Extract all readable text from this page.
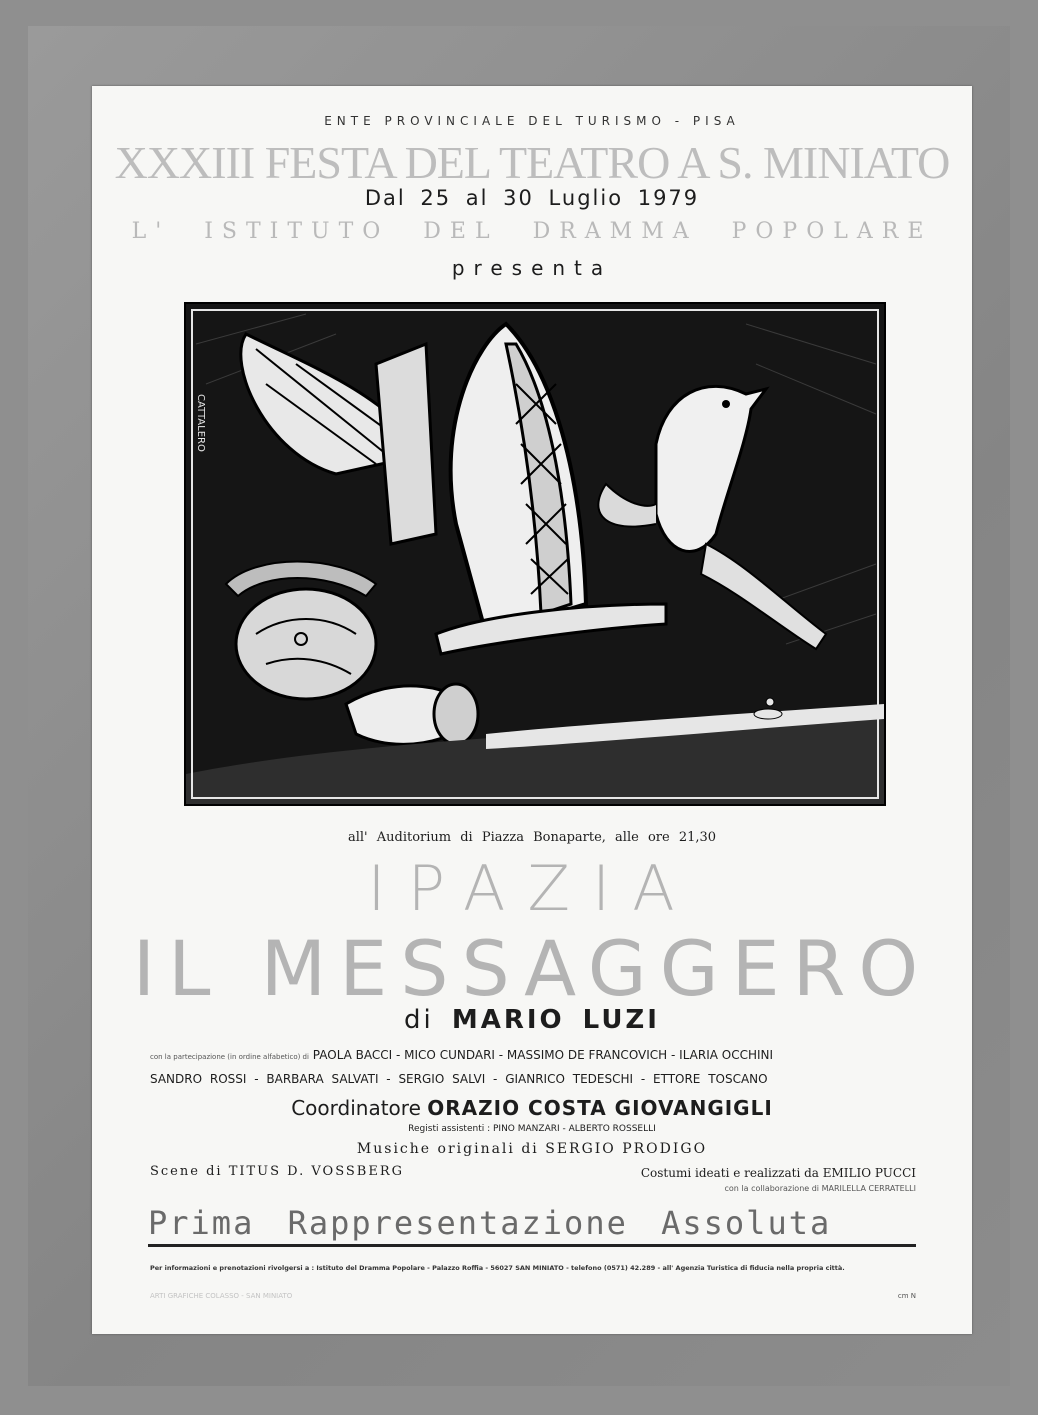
ENTE PROVINCIALE DEL TURISMO - PISA
XXXIII FESTA DEL TEATRO A S. MINIATO
Dal 25 al 30 Luglio 1979
L' ISTITUTO DEL DRAMMA POPOLARE
presenta
CATTALERO
all' Auditorium di Piazza Bonaparte, alle ore 21,30
IPAZIA
IL MESSAGGERO
di MARIO LUZI
con la partecipazione (in ordine alfabetico) di PAOLA BACCI - MICO CUNDARI - MASSIMO DE FRANCOVICH - ILARIA OCCHINI
SANDRO ROSSI - BARBARA SALVATI - SERGIO SALVI - GIANRICO TEDESCHI - ETTORE TOSCANO
Coordinatore ORAZIO COSTA GIOVANGIGLI
Registi assistenti : PINO MANZARI - ALBERTO ROSSELLI
Musiche originali di SERGIO PRODIGO
Scene di TITUS D. VOSSBERG	Costumi ideati e realizzati da EMILIO PUCCI
con la collaborazione di MARILELLA CERRATELLI
Prima Rappresentazione Assoluta
Per informazioni e prenotazioni rivolgersi a : Istituto del Dramma Popolare - Palazzo Roffia - 56027 SAN MINIATO - telefono (0571) 42.289 - all' Agenzia Turistica di fiducia nella propria città.
ARTI GRAFICHE COLASSO - SAN MINIATO	cm N
